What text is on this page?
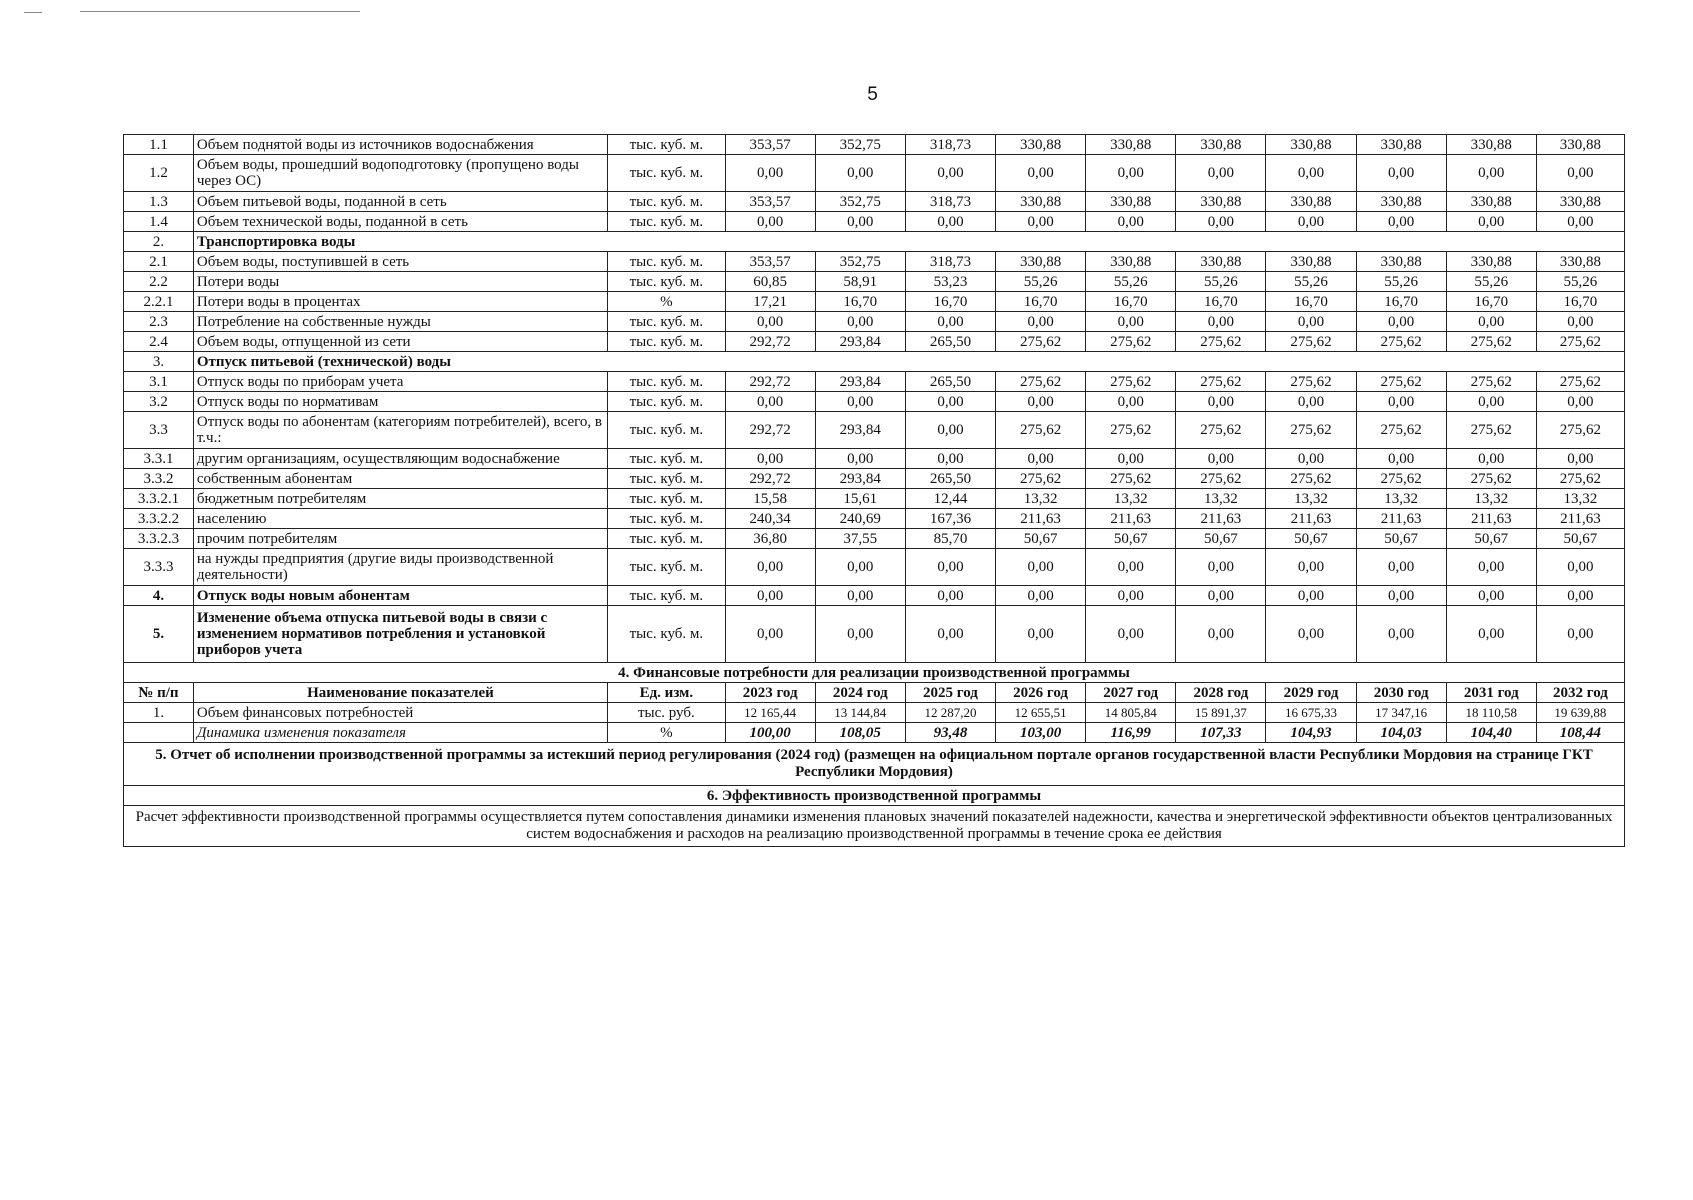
5
1.1	Объем поднятой воды из источников водоснабжения	тыс. куб. м.	353,57	352,75	318,73	330,88	330,88	330,88	330,88	330,88	330,88	330,88
1.2	Объем воды, прошедший водоподготовку (пропущено воды через ОС)	тыс. куб. м.	0,00	0,00	0,00	0,00	0,00	0,00	0,00	0,00	0,00	0,00
1.3	Объем питьевой воды, поданной в сеть	тыс. куб. м.	353,57	352,75	318,73	330,88	330,88	330,88	330,88	330,88	330,88	330,88
1.4	Объем технической воды, поданной в сеть	тыс. куб. м.	0,00	0,00	0,00	0,00	0,00	0,00	0,00	0,00	0,00	0,00
2.	Транспортировка воды											
2.1	Объем воды, поступившей в сеть	тыс. куб. м.	353,57	352,75	318,73	330,88	330,88	330,88	330,88	330,88	330,88	330,88
2.2	Потери воды	тыс. куб. м.	60,85	58,91	53,23	55,26	55,26	55,26	55,26	55,26	55,26	55,26
2.2.1	Потери воды в процентах	%	17,21	16,70	16,70	16,70	16,70	16,70	16,70	16,70	16,70	16,70
2.3	Потребление на собственные нужды	тыс. куб. м.	0,00	0,00	0,00	0,00	0,00	0,00	0,00	0,00	0,00	0,00
2.4	Объем воды, отпущенной из сети	тыс. куб. м.	292,72	293,84	265,50	275,62	275,62	275,62	275,62	275,62	275,62	275,62
3.	Отпуск питьевой (технической) воды											
3.1	Отпуск воды по приборам учета	тыс. куб. м.	292,72	293,84	265,50	275,62	275,62	275,62	275,62	275,62	275,62	275,62
3.2	Отпуск воды по нормативам	тыс. куб. м.	0,00	0,00	0,00	0,00	0,00	0,00	0,00	0,00	0,00	0,00
3.3	Отпуск воды по абонентам (категориям потребителей), всего, в т.ч.:	тыс. куб. м.	292,72	293,84	0,00	275,62	275,62	275,62	275,62	275,62	275,62	275,62
3.3.1	другим организациям, осуществляющим водоснабжение	тыс. куб. м.	0,00	0,00	0,00	0,00	0,00	0,00	0,00	0,00	0,00	0,00
3.3.2	собственным абонентам	тыс. куб. м.	292,72	293,84	265,50	275,62	275,62	275,62	275,62	275,62	275,62	275,62
3.3.2.1	бюджетным потребителям	тыс. куб. м.	15,58	15,61	12,44	13,32	13,32	13,32	13,32	13,32	13,32	13,32
3.3.2.2	населению	тыс. куб. м.	240,34	240,69	167,36	211,63	211,63	211,63	211,63	211,63	211,63	211,63
3.3.2.3	прочим потребителям	тыс. куб. м.	36,80	37,55	85,70	50,67	50,67	50,67	50,67	50,67	50,67	50,67
3.3.3	на нужды предприятия (другие виды производственной деятельности)	тыс. куб. м.	0,00	0,00	0,00	0,00	0,00	0,00	0,00	0,00	0,00	0,00
4.	Отпуск воды новым абонентам	тыс. куб. м.	0,00	0,00	0,00	0,00	0,00	0,00	0,00	0,00	0,00	0,00
5.	Изменение объема отпуска питьевой воды в связи с изменением нормативов потребления и установкой приборов учета	тыс. куб. м.	0,00	0,00	0,00	0,00	0,00	0,00	0,00	0,00	0,00	0,00
4. Финансовые потребности для реализации производственной программы												
№ п/п	Наименование показателей	Ед. изм.	2023 год	2024 год	2025 год	2026 год	2027 год	2028 год	2029 год	2030 год	2031 год	2032 год
1.	Объем финансовых потребностей	тыс. руб.	12 165,44	13 144,84	12 287,20	12 655,51	14 805,84	15 891,37	16 675,33	17 347,16	18 110,58	19 639,88
	Динамика изменения показателя	%	100,00	108,05	93,48	103,00	116,99	107,33	104,93	104,03	104,40	108,44
5. Отчет об исполнении производственной программы за истекший период регулирования (2024 год) (размещен на официальном портале органов государственной власти Республики Мордовия на странице ГКТ Республики Мордовия)												
6. Эффективность производственной программы												
Расчет эффективности производственной программы осуществляется путем сопоставления динамики изменения плановых значений показателей надежности, качества и энергетической эффективности объектов централизованных систем водоснабжения и расходов на реализацию производственной программы в течение срока ее действия												
